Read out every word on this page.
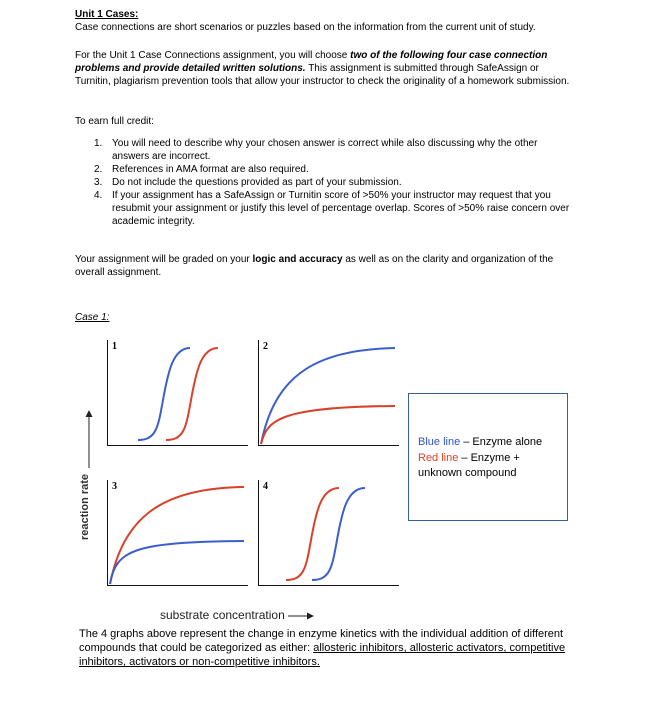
Unit 1 Cases:
Case connections are short scenarios or puzzles based on the information from the current unit of study.
For the Unit 1 Case Connections assignment, you will choose two of the following four case connection problems and provide detailed written solutions. This assignment is submitted through SafeAssign or Turnitin, plagiarism prevention tools that allow your instructor to check the originality of a homework submission.
To earn full credit:
1. You will need to describe why your chosen answer is correct while also discussing why the other answers are incorrect.
2. References in AMA format are also required.
3. Do not include the questions provided as part of your submission.
4. If your assignment has a SafeAssign or Turnitin score of >50% your instructor may request that you resubmit your assignment or justify this level of percentage overlap. Scores of >50% raise concern over academic integrity.
Your assignment will be graded on your logic and accuracy as well as on the clarity and organization of the overall assignment.
Case 1:
reaction rate
1	2
3	4
Blue line – Enzyme alone
Red line – Enzyme + unknown compound
substrate concentration
The 4 graphs above represent the change in enzyme kinetics with the individual addition of different compounds that could be categorized as either: allosteric inhibitors, allosteric activators, competitive inhibitors, activators or non-competitive inhibitors.
